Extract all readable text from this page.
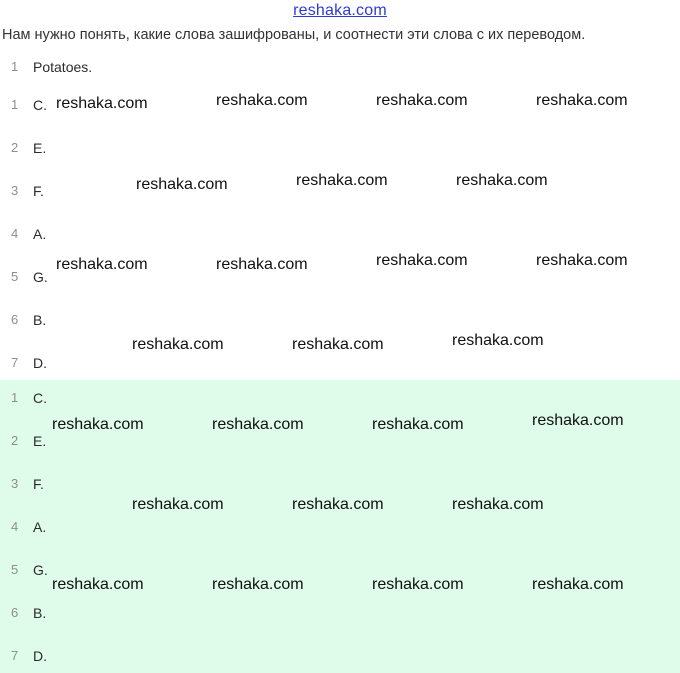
reshaka.com
Нам нужно понять, какие слова зашифрованы, и соотнести эти слова с их переводом.
1 Potatoes.
1 C.
2 E.
3 F.
4 A.
5 G.
6 B.
7 D.
1 C.
2 E.
3 F.
4 A.
5 G.
6 B.
7 D.
reshaka.com	reshaka.com	reshaka.com	reshaka.com
reshaka.com	reshaka.com	reshaka.com
reshaka.com	reshaka.com	reshaka.com	reshaka.com
reshaka.com	reshaka.com	reshaka.com
reshaka.com	reshaka.com	reshaka.com	reshaka.com
reshaka.com	reshaka.com	reshaka.com
reshaka.com	reshaka.com	reshaka.com	reshaka.com
